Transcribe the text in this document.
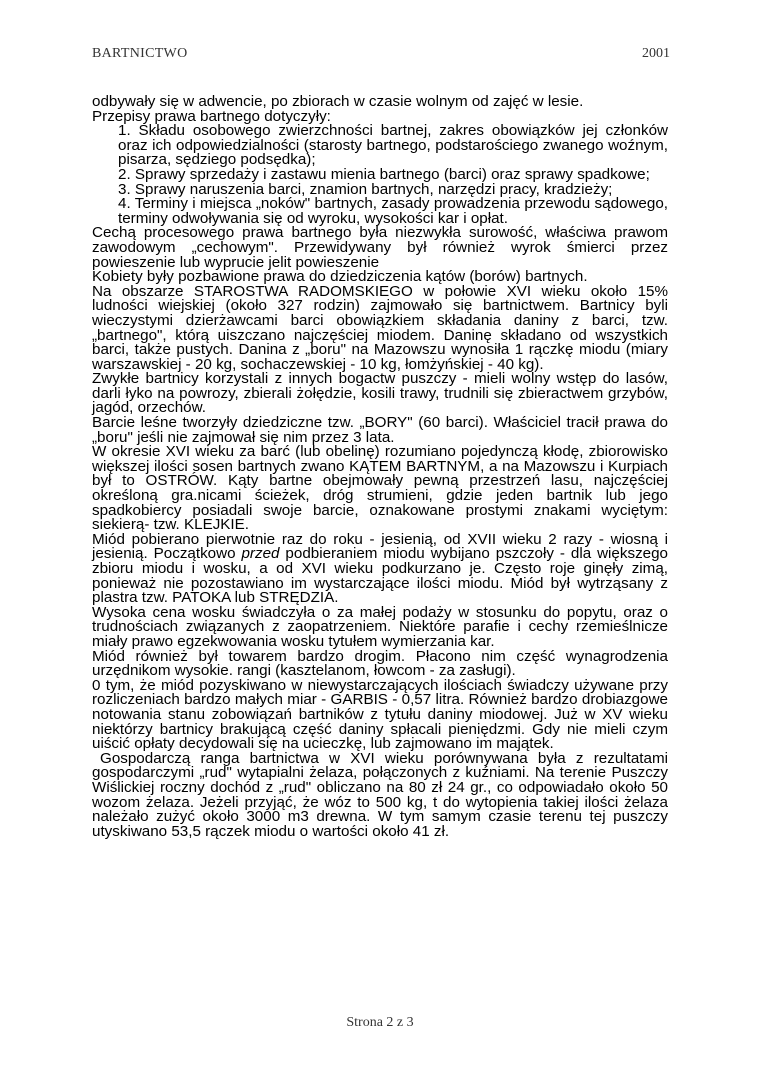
BARTNICTWO	2001

odbywały się w adwencie, po zbiorach w czasie wolnym od zajęć w lesie.

Przepisy prawa bartnego dotyczyły:

1. Składu osobowego zwierzchności bartnej, zakres obowiązków jej członków oraz ich odpowiedzialności (starosty bartnego, podstarościego zwanego woźnym, pisarza, sędziego podsędka);
2. Sprawy sprzedaży i zastawu mienia bartnego (barci) oraz sprawy spadkowe;
3. Sprawy naruszenia barci, znamion bartnych, narzędzi pracy, kradzieży;
4. Terminy i miejsca „noków" bartnych, zasady prowadzenia przewodu sądowego, terminy odwoływania się od wyroku, wysokości kar i opłat.

Cechą procesowego prawa bartnego była niezwykła surowość, właściwa prawom zawodowym „cechowym". Przewidywany był również wyrok śmierci przez powieszenie lub wyprucie jelit powieszenie

Kobiety były pozbawione prawa do dziedziczenia kątów (borów) bartnych.

Na obszarze STAROSTWA RADOMSKIEGO w połowie XVI wieku około 15% ludności wiejskiej (około 327 rodzin) zajmowało się bartnictwem. Bartnicy byli wieczystymi dzierżawcami barci obowiązkiem składania daniny z barci, tzw. „bartnego", którą uiszczano najczęściej miodem. Daninę składano od wszystkich barci, także pustych. Danina z „boru" na Mazowszu wynosiła 1 rączkę miodu (miary warszawskiej - 20 kg, sochaczewskiej - 10 kg, łomżyńskiej - 40 kg).

Zwykłe bartnicy korzystali z innych bogactw puszczy - mieli wolny wstęp do lasów, darli łyko na powrozy, zbierali żołędzie, kosili trawy, trudnili się zbieractwem grzybów, jagód, orzechów.

Barcie leśne tworzyły dziedziczne tzw. „BORY" (60 barci). Właściciel tracił prawa do „boru" jeśli nie zajmował się nim przez 3 lata.

W okresie XVI wieku za barć (lub obelinę) rozumiano pojedynczą kłodę, zbiorowisko większej ilości sosen bartnych zwano KĄTEM BARTNYM, a na Mazowszu i Kurpiach był to OSTRÓW. Kąty bartne obejmowały pewną przestrzeń lasu, najczęściej określoną gra.nicami ścieżek, dróg strumieni, gdzie jeden bartnik lub jego spadkobiercy posiadali swoje barcie, oznakowane prostymi znakami wyciętym: siekierą- tzw. KLEJKIE.

Miód pobierano pierwotnie raz do roku - jesienią, od XVII wieku 2 razy - wiosną i jesienią. Początkowo przed podbieraniem miodu wybijano pszczoły - dla większego zbioru miodu i wosku, a od XVI wieku podkurzano je. Często roje ginęły zimą, ponieważ nie pozostawiano im wystarczające ilości miodu. Miód był wytrząsany z plastra tzw. PATOKA lub STRĘDZIA.

Wysoka cena wosku świadczyła o za małej podaży w stosunku do popytu, oraz o trudnościach związanych z zaopatrzeniem. Niektóre parafie i cechy rzemieślnicze miały prawo egzekwowania wosku tytułem wymierzania kar.

Miód również był towarem bardzo drogim. Płacono nim część wynagrodzenia urzędnikom wysokie. rangi (kasztelanom, łowcom - za zasługi).

0 tym, że miód pozyskiwano w niewystarczających ilościach świadczy używane przy rozliczeniach bardzo małych miar - GARBIS - 0,57 litra. Również bardzo drobiazgowe notowania stanu zobowiązań bartników z tytułu daniny miodowej. Już w XV wieku niektórzy bartnicy brakującą część daniny spłacali pieniędzmi. Gdy nie mieli czym uiścić opłaty decydowali się na ucieczkę, lub zajmowano im majątek.

Gospodarczą ranga bartnictwa w XVI wieku porównywana była z rezultatami gospodarczymi „rud" wytapialni żelaza, połączonych z kuźniami. Na terenie Puszczy Wiślickiej roczny dochód z „rud" obliczano na 80 zł 24 gr., co odpowiadało około 50 wozom żelaza. Jeżeli przyjąć, że wóz to 500 kg, t do wytopienia takiej ilości żelaza należało zużyć około 3000 m3 drewna. W tym samym czasie terenu tej puszczy utyskiwano 53,5 rączek miodu o wartości około 41 zł.

Strona 2 z 3
